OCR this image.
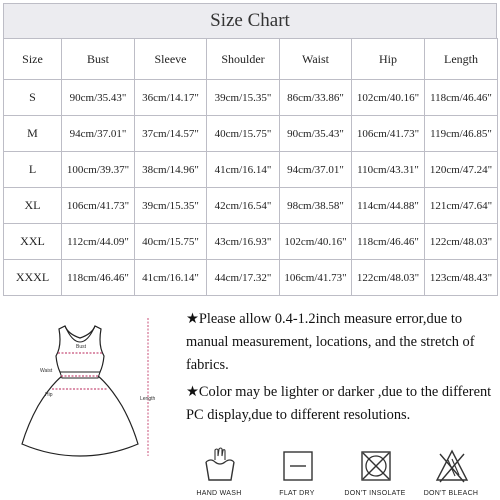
Size Chart
Size	Bust	Sleeve	Shoulder	Waist	Hip	Length
S	90cm/35.43"	36cm/14.17"	39cm/15.35"	86cm/33.86"	102cm/40.16"	118cm/46.46"
M	94cm/37.01"	37cm/14.57"	40cm/15.75"	90cm/35.43"	106cm/41.73"	119cm/46.85"
L	100cm/39.37"	38cm/14.96"	41cm/16.14"	94cm/37.01"	110cm/43.31"	120cm/47.24"
XL	106cm/41.73"	39cm/15.35"	42cm/16.54"	98cm/38.58"	114cm/44.88"	121cm/47.64"
XXL	112cm/44.09"	40cm/15.75"	43cm/16.93"	102cm/40.16"	118cm/46.46"	122cm/48.03"
XXXL	118cm/46.46"	41cm/16.14"	44cm/17.32"	106cm/41.73"	122cm/48.03"	123cm/48.43"
Bust
Waist
Hip
Length

★Please allow 0.4-1.2inch measure error,due to manual measurement, locations, and the stretch of fabrics.

★Color may be lighter or darker ,due to the different PC display,due to different resolutions.

HAND WASH	FLAT DRY	DON'T INSOLATE	DON'T BLEACH
